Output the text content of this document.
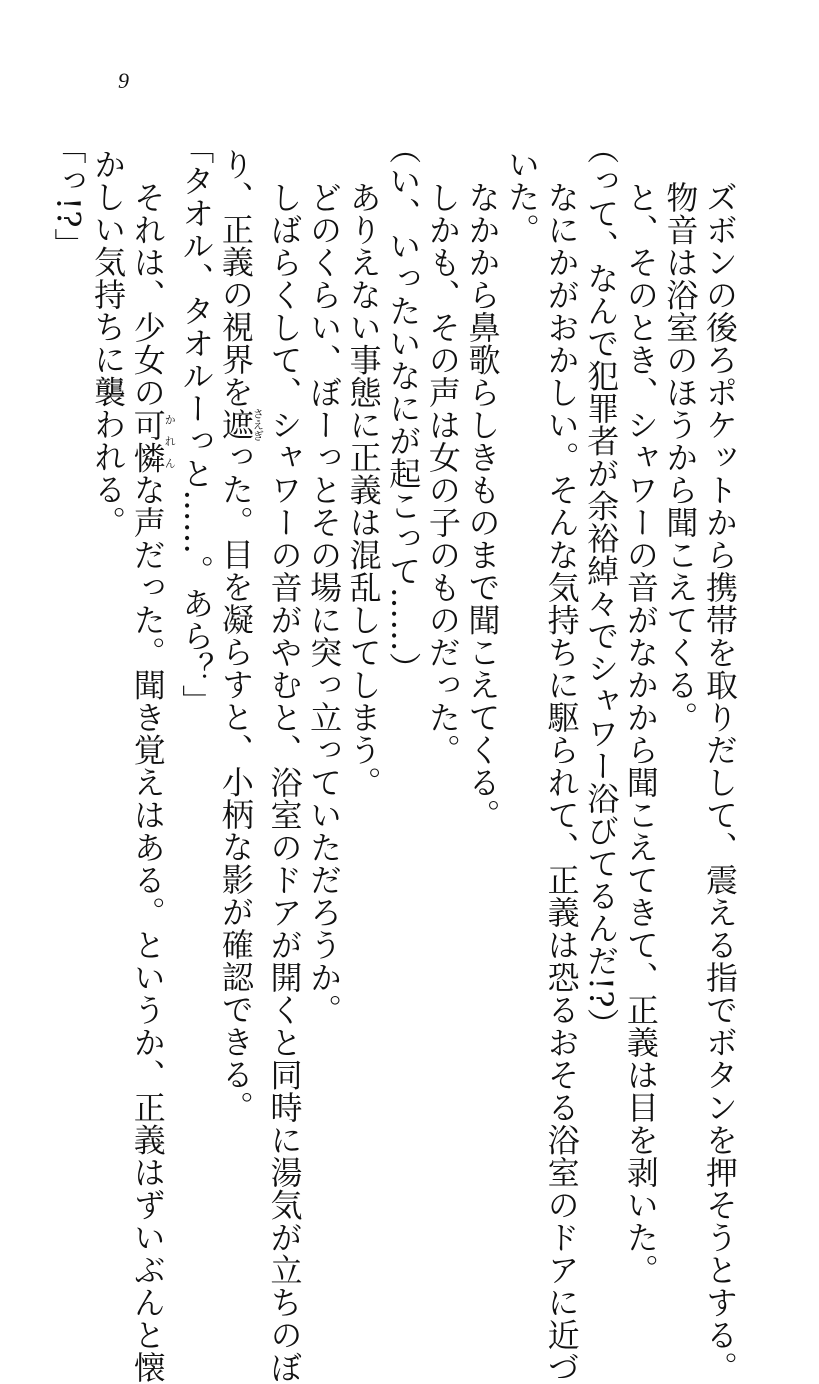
9

ズボンの後ろポケットから携帯を取りだして、震える指でボタンを押そうとする。

物音は浴室のほうから聞こえてくる。

と、そのとき、シャワーの音がなかから聞こえてきて、正義は目を剥いた。

（って、なんで犯罪者が余裕綽々でシャワー浴びてるんだ!?）

なにかがおかしい。そんな気持ちに駆られて、正義は恐るおそる浴室のドアに近づ

いた。

なかから鼻歌らしきものまで聞こえてくる。

しかも、その声は女の子のものだった。

（い、いったいなにが起こって……）

ありえない事態に正義は混乱してしまう。

どのくらい、ぼーっとその場に突っ立っていただろうか。

しばらくして、シャワーの音がやむと、浴室のドアが開くと同時に湯気が立ちのぼ

り、正義の視界を遮さえぎった。目を凝らすと、小柄な影が確認できる。

「タオル、タオルーっと……。あら？」

それは、少女の可憐かれんな声だった。聞き覚えはある。というか、正義はずいぶんと懐

かしい気持ちに襲われる。

「っ!?」
